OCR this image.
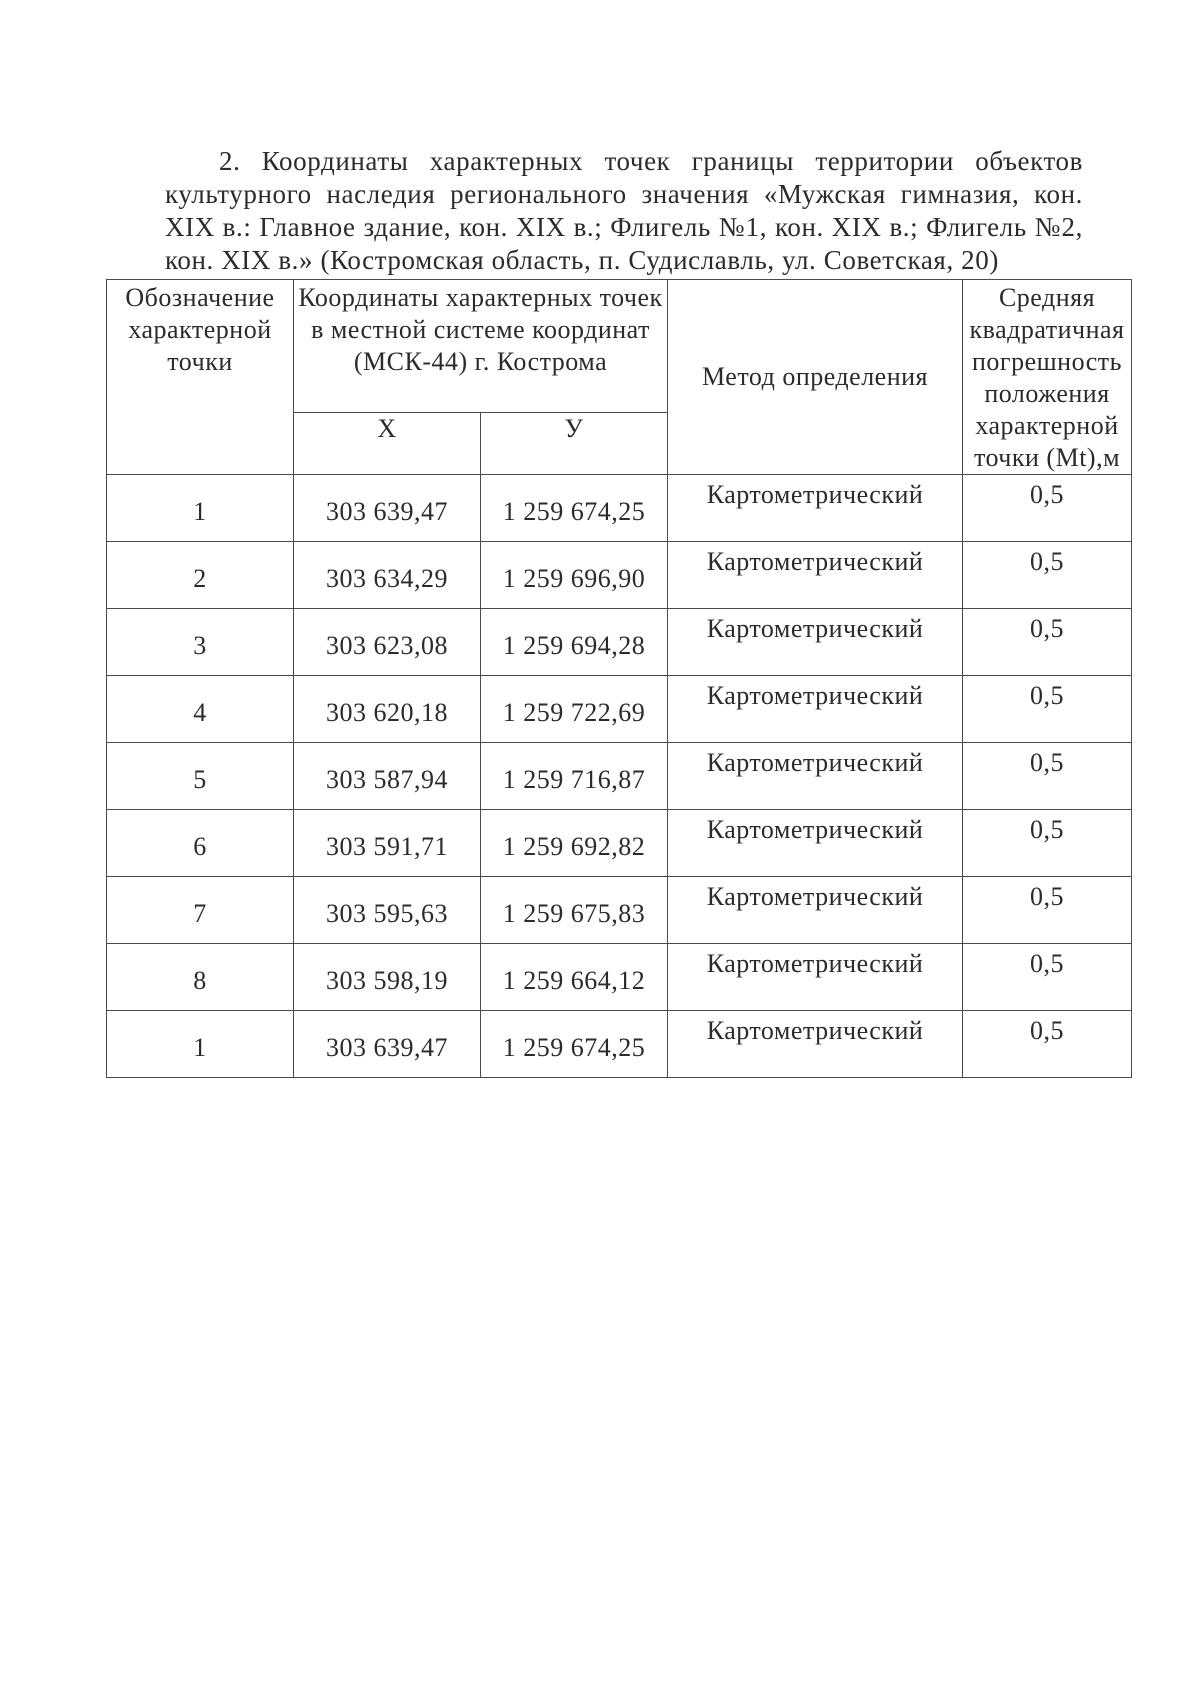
2. Координаты характерных точек границы территории объектов культурного наследия регионального значения «Мужская гимназия, кон. XIX в.: Главное здание, кон. XIX в.; Флигель №1, кон. XIX в.; Флигель №2, кон. XIX в.» (Костромская область, п. Судиславль, ул. Советская, 20)

Обозначение характерной точки	Координаты характерных точек в местной системе координат (МСК-44) г. Кострома		Метод определения	Средняя квадратичная погрешность положения характерной точки (Mt),м
	X	У		
1	303 639,47	1 259 674,25	Картометрический	0,5
2	303 634,29	1 259 696,90	Картометрический	0,5
3	303 623,08	1 259 694,28	Картометрический	0,5
4	303 620,18	1 259 722,69	Картометрический	0,5
5	303 587,94	1 259 716,87	Картометрический	0,5
6	303 591,71	1 259 692,82	Картометрический	0,5
7	303 595,63	1 259 675,83	Картометрический	0,5
8	303 598,19	1 259 664,12	Картометрический	0,5
1	303 639,47	1 259 674,25	Картометрический	0,5
